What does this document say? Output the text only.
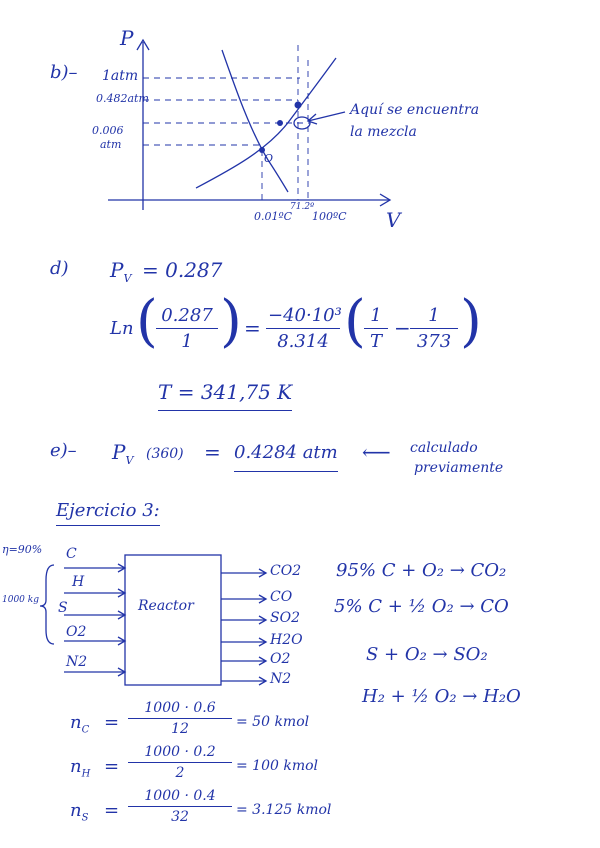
P
V
b)– 1atm
0.482atm
0.006
atm
O
0.01ºC
71.2º
100ºC
Aquí se encuentra
la mezcla
d) $P_V = 0.287$
Ln (
$\frac{0.287}{1}$ ) = $\frac{\text{−40·10³}}{8.314}$ (
$\frac{1}{T} - \frac{1}{373}$ )
T = 341,75 K
e)– $P_V$ (360) = 0.4284 atm ⟵ calculado
previamente
Ejercicio 3:
η=90% C
H
S
O2
N2
1000 kg	Reactor
CO2
CO
SO2
H2O
O2
N2
95% C + O₂ → CO₂
5% C + ½ O₂ → CO
S + O₂ → SO₂
H₂ + ½ O₂ → H₂O
$n_C = \frac{1000 \cdot 0.6}{12} = 50$ kmol
$n_H = \frac{1000 \cdot 0.2}{2} = 100$ kmol
$n_S = \frac{1000 \cdot 0.4}{32} = 3.125$ kmol
